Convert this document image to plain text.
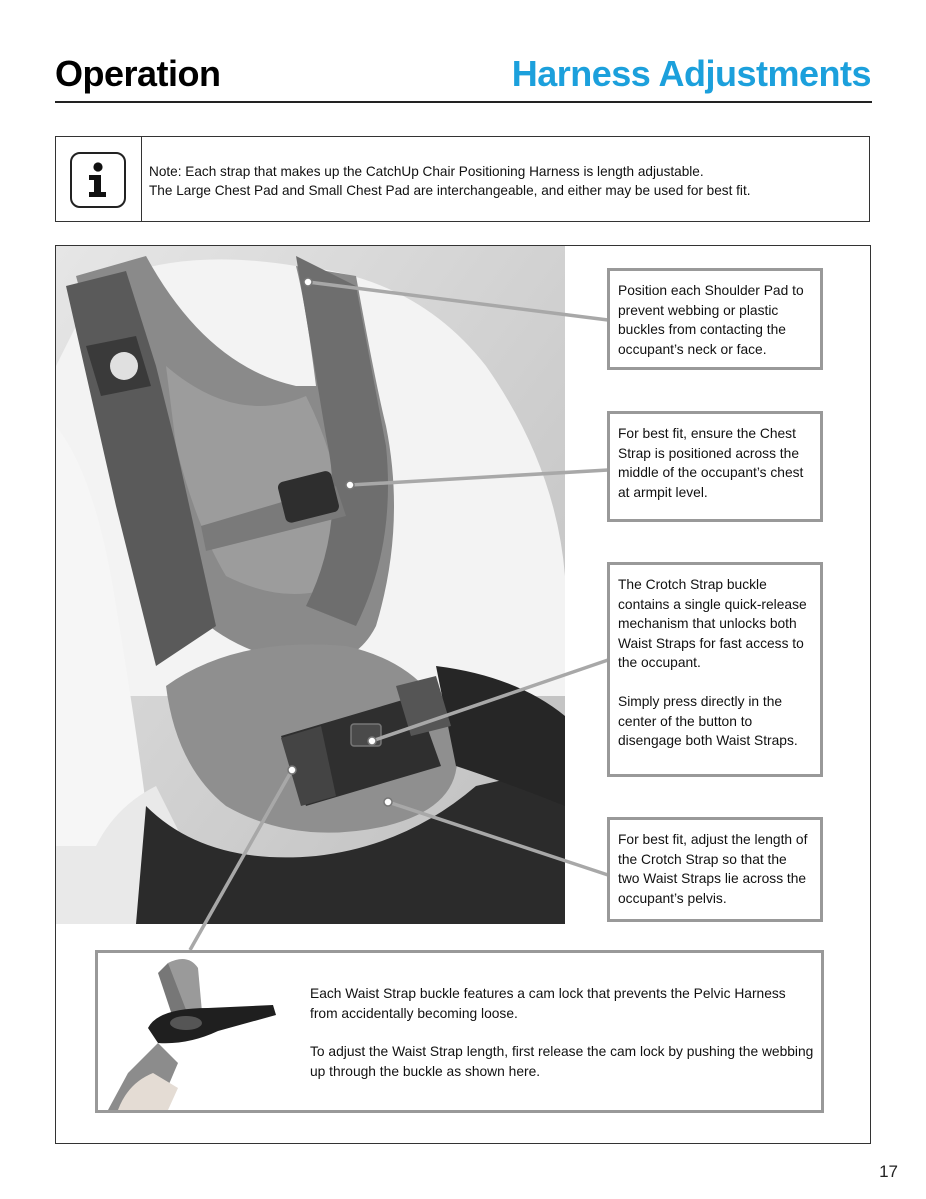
Operation	Harness Adjustments
Note: Each strap that makes up the CatchUp Chair Positioning Harness is length adjustable.
The Large Chest Pad and Small Chest Pad are interchangeable, and either may be used for best fit.

Position each Shoulder Pad to prevent webbing or plastic buckles from contacting the occupant’s neck or face.

For best fit, ensure the Chest Strap is positioned across the middle of the occupant’s chest at armpit level.

The Crotch Strap buckle contains a single quick-release mechanism that unlocks both Waist Straps for fast access to the occupant.

Simply press directly in the center of the button to disengage both Waist Straps.

For best fit, adjust the length of the Crotch Strap so that the two Waist Straps lie across the occupant’s pelvis.

Each Waist Strap buckle features a cam lock that prevents the Pelvic Harness from accidentally becoming loose.

To adjust the Waist Strap length, first release the cam lock by pushing the webbing up through the buckle as shown here.

17
